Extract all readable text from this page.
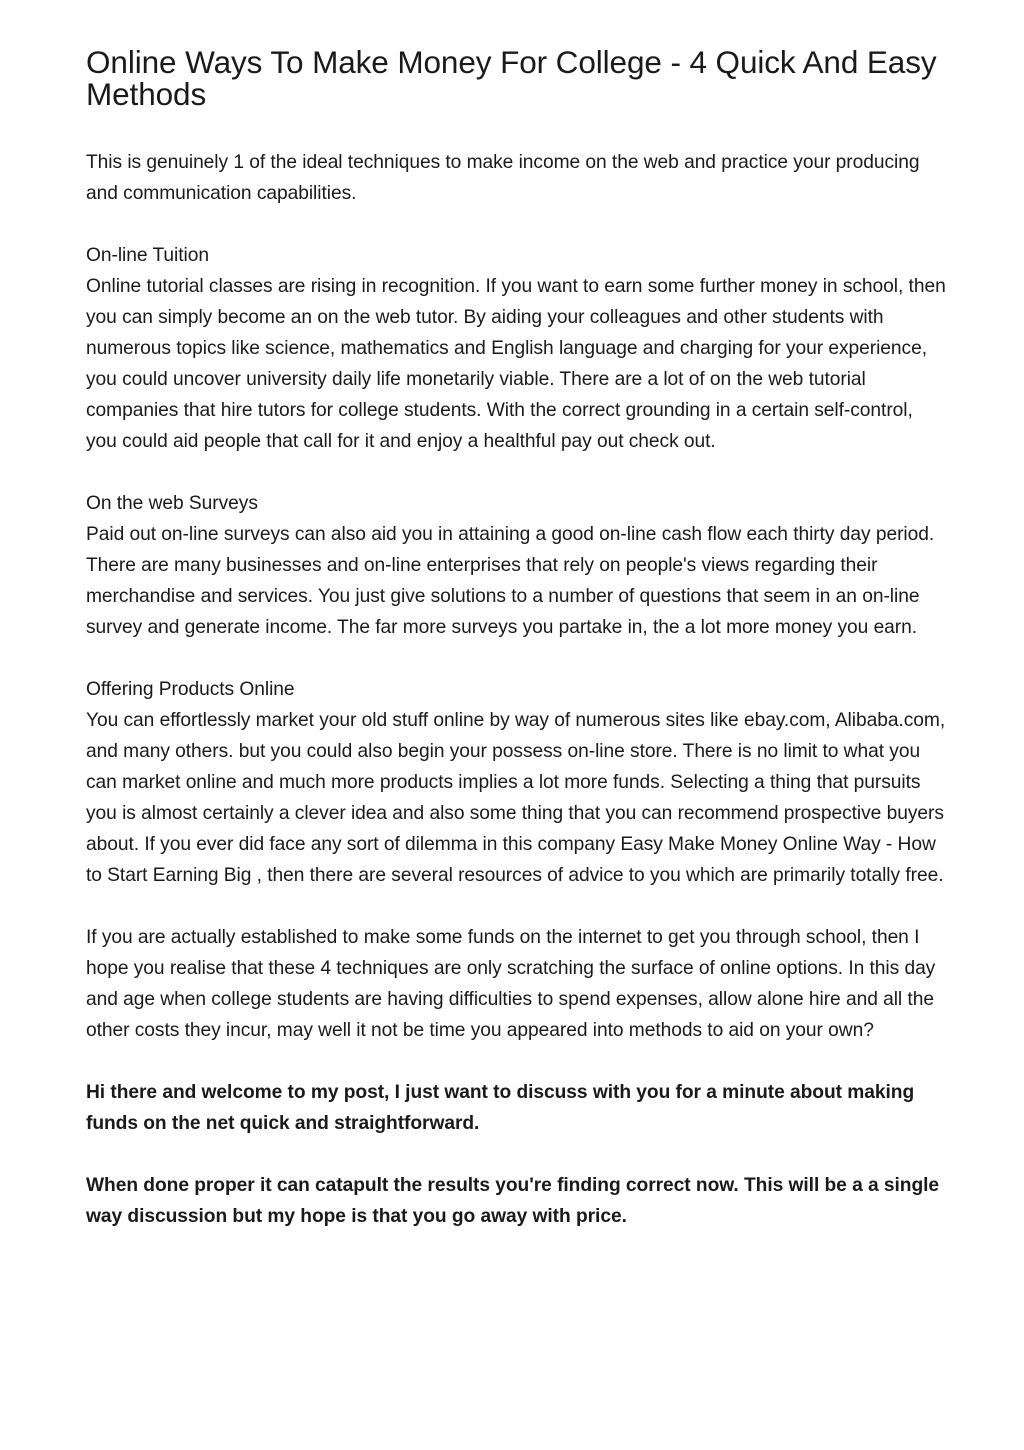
Online Ways To Make Money For College - 4 Quick And Easy Methods

This is genuinely 1 of the ideal techniques to make income on the web and practice your producing and communication capabilities.

On-line Tuition
Online tutorial classes are rising in recognition. If you want to earn some further money in school, then you can simply become an on the web tutor. By aiding your colleagues and other students with numerous topics like science, mathematics and English language and charging for your experience, you could uncover university daily life monetarily viable. There are a lot of on the web tutorial companies that hire tutors for college students. With the correct grounding in a certain self-control, you could aid people that call for it and enjoy a healthful pay out check out.

On the web Surveys
Paid out on-line surveys can also aid you in attaining a good on-line cash flow each thirty day period. There are many businesses and on-line enterprises that rely on people's views regarding their merchandise and services. You just give solutions to a number of questions that seem in an on-line survey and generate income. The far more surveys you partake in, the a lot more money you earn.

Offering Products Online
You can effortlessly market your old stuff online by way of numerous sites like ebay.com, Alibaba.com, and many others. but you could also begin your possess on-line store. There is no limit to what you can market online and much more products implies a lot more funds. Selecting a thing that pursuits you is almost certainly a clever idea and also some thing that you can recommend prospective buyers about. If you ever did face any sort of dilemma in this company Easy Make Money Online Way - How to Start Earning Big , then there are several resources of advice to you which are primarily totally free.

If you are actually established to make some funds on the internet to get you through school, then I hope you realise that these 4 techniques are only scratching the surface of online options. In this day and age when college students are having difficulties to spend expenses, allow alone hire and all the other costs they incur, may well it not be time you appeared into methods to aid on your own?

Hi there and welcome to my post, I just want to discuss with you for a minute about making funds on the net quick and straightforward.

When done proper it can catapult the results you're finding correct now. This will be a a single way discussion but my hope is that you go away with price.
